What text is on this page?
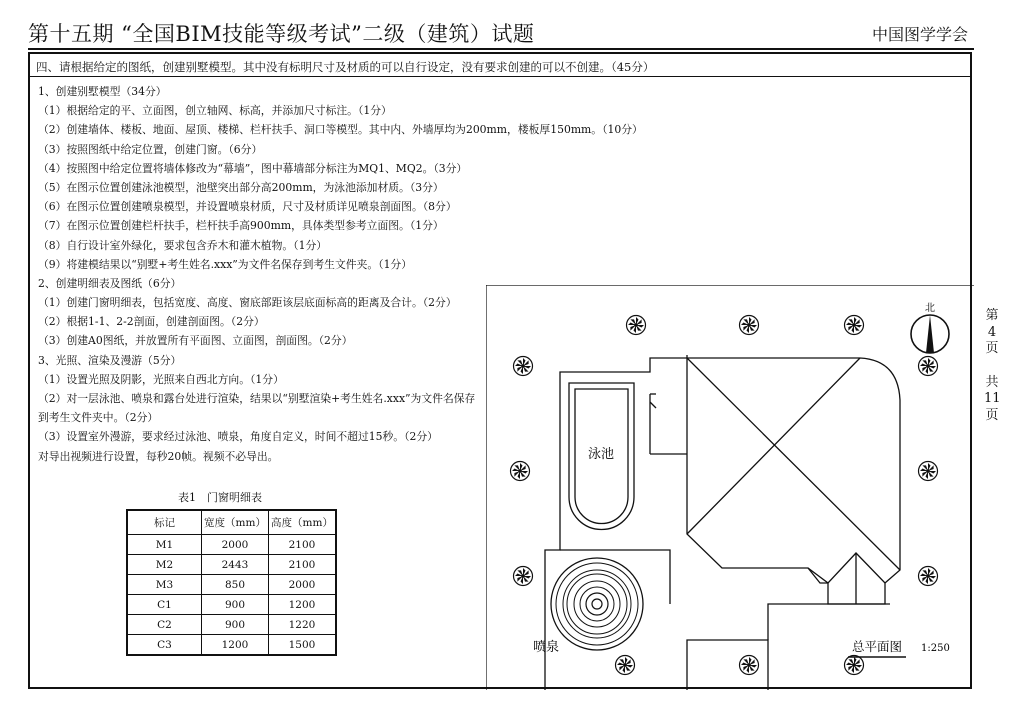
第十五期 “全国BIM技能等级考试”二级（建筑）试题	中国图学学会
四、请根据给定的图纸，创建别墅模型。其中没有标明尺寸及材质的可以自行设定，没有要求创建的可以不创建。（45分）
1、创建别墅模型（34分）
（1）根据给定的平、立面图，创立轴网、标高，并添加尺寸标注。（1分）
（2）创建墙体、楼板、地面、屋顶、楼梯、栏杆扶手、洞口等模型。其中内、外墙厚均为200mm，楼板厚150mm。（10分）
（3）按照图纸中给定位置，创建门窗。（6分）
（4）按照图中给定位置将墙体修改为“幕墙”，图中幕墙部分标注为MQ1、MQ2。（3分）
（5）在图示位置创建泳池模型，池壁突出部分高200mm，为泳池添加材质。（3分）
（6）在图示位置创建喷泉模型，并设置喷泉材质，尺寸及材质详见喷泉剖面图。（8分）
（7）在图示位置创建栏杆扶手，栏杆扶手高900mm，具体类型参考立面图。（1分）
（8）自行设计室外绿化，要求包含乔木和灌木植物。（1分）
（9）将建模结果以“别墅+考生姓名.xxx”为文件名保存到考生文件夹。（1分）
2、创建明细表及图纸（6分）
（1）创建门窗明细表，包括宽度、高度、窗底部距该层底面标高的距离及合计。（2分）
（2）根据1-1、2-2剖面，创建剖面图。（2分）
（3）创建A0图纸，并放置所有平面图、立面图，剖面图。（2分）
3、光照、渲染及漫游（5分）
（1）设置光照及阴影，光照来自西北方向。（1分）
（2）对一层泳池、喷泉和露台处进行渲染，结果以“别墅渲染+考生姓名.xxx”为文件名保存
到考生文件夹中。（2分）
（3）设置室外漫游，要求经过泳池、喷泉，角度自定义，时间不超过15秒。（2分）
对导出视频进行设置，每秒20帧。视频不必导出。
表1　门窗明细表
标记	宽度（mm）	高度（mm）
M1	2000	2100
M2	2443	2100
M3	850	2000
C1	900	1200
C2	900	1220
C3	1200	1500
泳池
喷泉
北
总平面图 1:250
第
4
页
共
11
页
